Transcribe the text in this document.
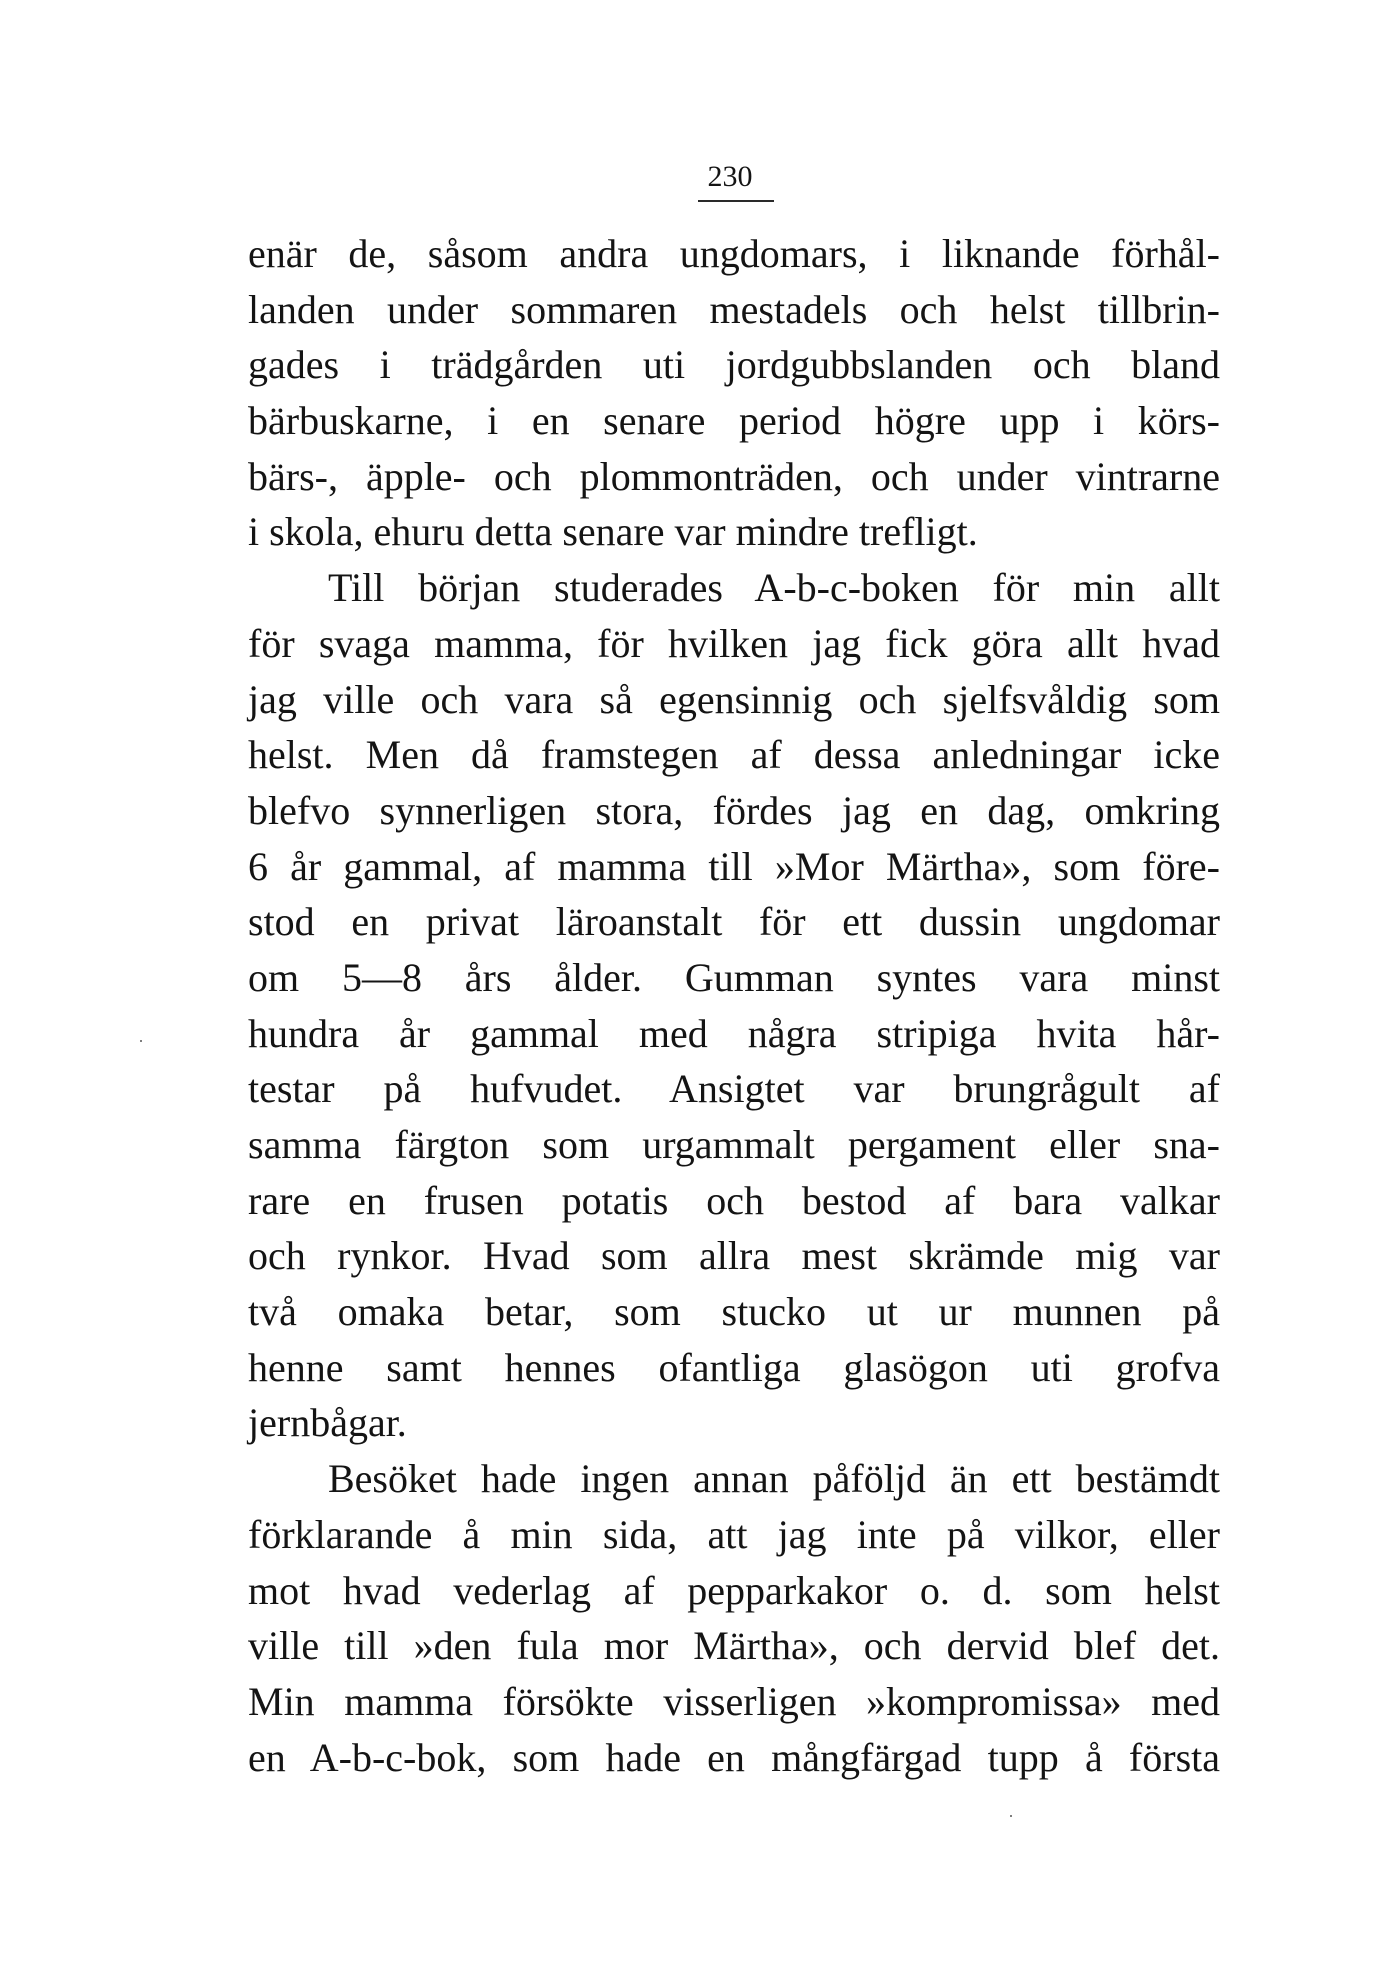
230
enär de, såsom andra ungdomars, i liknande förhål-
landen under sommaren mestadels och helst tillbrin-
gades i trädgården uti jordgubbslanden och bland
bärbuskarne, i en senare period högre upp i körs-
bärs-, äpple- och plommonträden, och under vintrarne
i skola, ehuru detta senare var mindre trefligt.
Till början studerades A-b-c-boken för min allt
för svaga mamma, för hvilken jag fick göra allt hvad
jag ville och vara så egensinnig och sjelfsvåldig som
helst. Men då framstegen af dessa anledningar icke
blefvo synnerligen stora, fördes jag en dag, omkring
6 år gammal, af mamma till »Mor Märtha», som före-
stod en privat läroanstalt för ett dussin ungdomar
om 5—8 års ålder. Gumman syntes vara minst
hundra år gammal med några stripiga hvita hår-
testar på hufvudet. Ansigtet var brungrågult af
samma färgton som urgammalt pergament eller sna-
rare en frusen potatis och bestod af bara valkar
och rynkor. Hvad som allra mest skrämde mig var
två omaka betar, som stucko ut ur munnen på
henne samt hennes ofantliga glasögon uti grofva
jernbågar.
Besöket hade ingen annan påföljd än ett bestämdt
förklarande å min sida, att jag inte på vilkor, eller
mot hvad vederlag af pepparkakor o. d. som helst
ville till »den fula mor Märtha», och dervid blef det.
Min mamma försökte visserligen »kompromissa» med
en A-b-c-bok, som hade en mångfärgad tupp å första
